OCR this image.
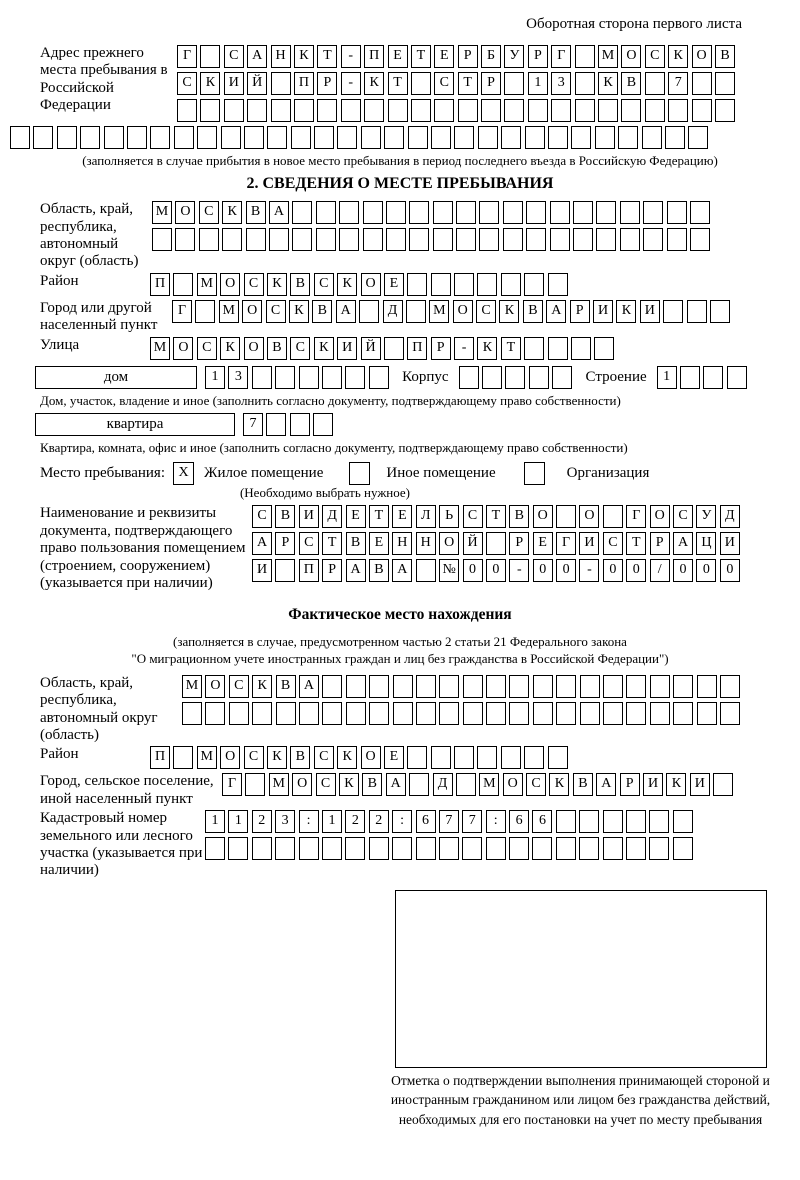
Оборотная сторона первого листа
Адрес прежнего места пребывания в Российской Федерации
Г	С А Н К	Т	-	П	Е	Т	Е	Р	Б	У	Р	Г	М О С	К О В
С	К И Й	П	Р	-	К	Т	С	Т	Р	1	3	К	В	7
(заполняется в случае прибытия в новое место пребывания в период последнего въезда в Российскую Федерацию)
2. СВЕДЕНИЯ О МЕСТЕ ПРЕБЫВАНИЯ
Область, край, республика, автономный округ (область)
М О С	К	В А
Район	П	М О С	К	В	С	К О	Е
Город или другой населенный пункт
Г	М О С	К	В А	Д	М О С	К	В А	Р	И К И
Улица	М О С	К О В	С	К И Й	П	Р	-	К	Т
дом	1	3	Корпус	Строение	1
Дом, участок, владение и иное (заполнить согласно документу, подтверждающему право собственности)
квартира	7
Квартира, комната, офис и иное (заполнить согласно документу, подтверждающему право собственности)
Место пребывания: X	Жилое помещение	Иное помещение	Организация
(Необходимо выбрать нужное)
Наименование и реквизиты документа, подтверждающего право пользования помещением (строением, сооружением) (указывается при наличии)
С	В И Д	Е	Т	Е	Л	Ь	С	Т	В О	О	Г	О С У Д
А	Р	С	Т	В	Е	Н Н О Й	Р	Е	Г	И С	Т	Р	А Ц И
И	П	Р	А В А	№ 0	0	-	0	0	-	0	0	/	0	0	0
Фактическое место нахождения
(заполняется в случае, предусмотренном частью 2 статьи 21 Федерального закона
"О миграционном учете иностранных граждан и лиц без гражданства в Российской Федерации")
Область, край, республика, автономный округ (область)
М О С	К	В А
Район	П	М О С	К	В	С	К О	Е
Город, сельское поселение, иной населенный пункт
Г	М О С	К	В А	Д	М О С	К	В А	Р	И К И
Кадастровый номер земельного или лесного участка (указывается при наличии)
1	1	2	3	:	1	2	2	:	6	7	7	:	6	6
Отметка о подтверждении выполнения принимающей стороной и иностранным гражданином или лицом без гражданства действий, необходимых для его постановки на учет по месту пребывания
